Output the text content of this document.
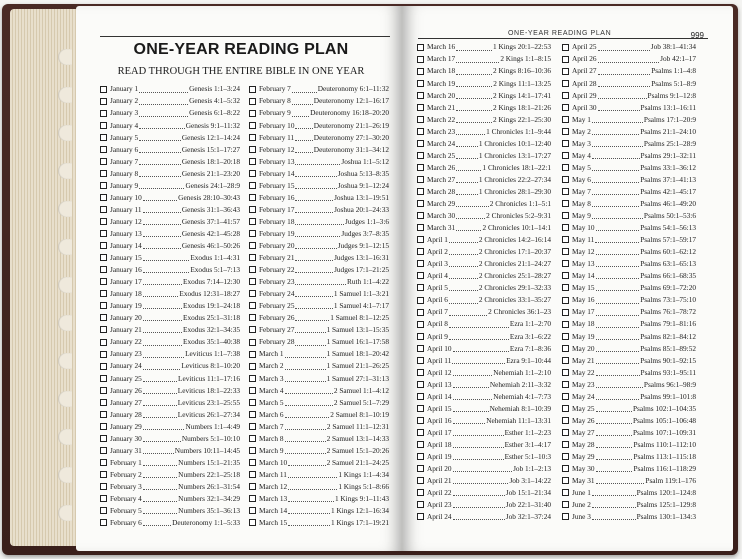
ONE-YEAR READING PLAN	999
ONE-YEAR READING PLAN
READ THROUGH THE ENTIRE BIBLE IN ONE YEAR
January 1	Genesis 1:1–3:24
January 2	Genesis 4:1–5:32
January 3	Genesis 6:1–8:22
January 4	Genesis 9:1–11:32
January 5	Genesis 12:1–14:24
January 6	Genesis 15:1–17:27
January 7	Genesis 18:1–20:18
January 8	Genesis 21:1–23:20
January 9	Genesis 24:1–28:9
January 10	Genesis 28:10–30:43
January 11	Genesis 31:1–36:43
January 12	Genesis 37:1–41:57
January 13	Genesis 42:1–45:28
January 14	Genesis 46:1–50:26
January 15	Exodus 1:1–4:31
January 16	Exodus 5:1–7:13
January 17	Exodus 7:14–12:30
January 18	Exodus 12:31–18:27
January 19	Exodus 19:1–24:18
January 20	Exodus 25:1–31:18
January 21	Exodus 32:1–34:35
January 22	Exodus 35:1–40:38
January 23	Leviticus 1:1–7:38
January 24	Leviticus 8:1–10:20
January 25	Leviticus 11:1–17:16
January 26	Leviticus 18:1–22:33
January 27	Leviticus 23:1–25:55
January 28	Leviticus 26:1–27:34
January 29	Numbers 1:1–4:49
January 30	Numbers 5:1–10:10
January 31	Numbers 10:11–14:45
February 1	Numbers 15:1–21:35
February 2	Numbers 22:1–25:18
February 3	Numbers 26:1–31:54
February 4	Numbers 32:1–34:29
February 5	Numbers 35:1–36:13
February 6	Deuteronomy 1:1–5:33
February 7	Deuteronomy 6:1–11:32
February 8	Deuteronomy 12:1–16:17
February 9	Deuteronomy 16:18–20:20
February 10	Deuteronomy 21:1–26:19
February 11	Deuteronomy 27:1–30:20
February 12	Deuteronomy 31:1–34:12
February 13	Joshua 1:1–5:12
February 14	Joshua 5:13–8:35
February 15	Joshua 9:1–12:24
February 16	Joshua 13:1–19:51
February 17	Joshua 20:1–24:33
February 18	Judges 1:1–3:6
February 19	Judges 3:7–8:35
February 20	Judges 9:1–12:15
February 21	Judges 13:1–16:31
February 22	Judges 17:1–21:25
February 23	Ruth 1:1–4:22
February 24	1 Samuel 1:1–3:21
February 25	1 Samuel 4:1–7:17
February 26	1 Samuel 8:1–12:25
February 27	1 Samuel 13:1–15:35
February 28	1 Samuel 16:1–17:58
March 1	1 Samuel 18:1–20:42
March 2	1 Samuel 21:1–26:25
March 3	1 Samuel 27:1–31:13
March 4	2 Samuel 1:1–4:12
March 5	2 Samuel 5:1–7:29
March 6	2 Samuel 8:1–10:19
March 7	2 Samuel 11:1–12:31
March 8	2 Samuel 13:1–14:33
March 9	2 Samuel 15:1–20:26
March 10	2 Samuel 21:1–24:25
March 11	1 Kings 1:1–4:34
March 12	1 Kings 5:1–8:66
March 13	1 Kings 9:1–11:43
March 14	1 Kings 12:1–16:34
March 15	1 Kings 17:1–19:21
March 16	1 Kings 20:1–22:53
March 17	2 Kings 1:1–8:15
March 18	2 Kings 8:16–10:36
March 19	2 Kings 11:1–13:25
March 20	2 Kings 14:1–17:41
March 21	2 Kings 18:1–21:26
March 22	2 Kings 22:1–25:30
March 23	1 Chronicles 1:1–9:44
March 24	1 Chronicles 10:1–12:40
March 25	1 Chronicles 13:1–17:27
March 26	1 Chronicles 18:1–22:1
March 27	1 Chronicles 22:2–27:34
March 28	1 Chronicles 28:1–29:30
March 29	2 Chronicles 1:1–5:1
March 30	2 Chronicles 5:2–9:31
March 31	2 Chronicles 10:1–14:1
April 1	2 Chronicles 14:2–16:14
April 2	2 Chronicles 17:1–20:37
April 3	2 Chronicles 21:1–24:27
April 4	2 Chronicles 25:1–28:27
April 5	2 Chronicles 29:1–32:33
April 6	2 Chronicles 33:1–35:27
April 7	2 Chronicles 36:1–23
April 8	Ezra 1:1–2:70
April 9	Ezra 3:1–6:22
April 10	Ezra 7:1–8:36
April 11	Ezra 9:1–10:44
April 12	Nehemiah 1:1–2:10
April 13	Nehemiah 2:11–3:32
April 14	Nehemiah 4:1–7:73
April 15	Nehemiah 8:1–10:39
April 16	Nehemiah 11:1–13:31
April 17	Esther 1:1–2:23
April 18	Esther 3:1–4:17
April 19	Esther 5:1–10:3
April 20	Job 1:1–2:13
April 21	Job 3:1–14:22
April 22	Job 15:1–21:34
April 23	Job 22:1–31:40
April 24	Job 32:1–37:24
April 25	Job 38:1–41:34
April 26	Job 42:1–17
April 27	Psalms 1:1–4:8
April 28	Psalms 5:1–8:9
April 29	Psalms 9:1–12:8
April 30	Psalms 13:1–16:11
May 1	Psalms 17:1–20:9
May 2	Psalms 21:1–24:10
May 3	Psalms 25:1–28:9
May 4	Psalms 29:1–32:11
May 5	Psalms 33:1–36:12
May 6	Psalms 37:1–41:13
May 7	Psalms 42:1–45:17
May 8	Psalms 46:1–49:20
May 9	Psalms 50:1–53:6
May 10	Psalms 54:1–56:13
May 11	Psalms 57:1–59:17
May 12	Psalms 60:1–62:12
May 13	Psalms 63:1–65:13
May 14	Psalms 66:1–68:35
May 15	Psalms 69:1–72:20
May 16	Psalms 73:1–75:10
May 17	Psalms 76:1–78:72
May 18	Psalms 79:1–81:16
May 19	Psalms 82:1–84:12
May 20	Psalms 85:1–89:52
May 21	Psalms 90:1–92:15
May 22	Psalms 93:1–95:11
May 23	Psalms 96:1–98:9
May 24	Psalms 99:1–101:8
May 25	Psalms 102:1–104:35
May 26	Psalms 105:1–106:48
May 27	Psalms 107:1–109:31
May 28	Psalms 110:1–112:10
May 29	Psalms 113:1–115:18
May 30	Psalms 116:1–118:29
May 31	Psalm 119:1–176
June 1	Psalms 120:1–124:8
June 2	Psalms 125:1–129:8
June 3	Psalms 130:1–134:3
